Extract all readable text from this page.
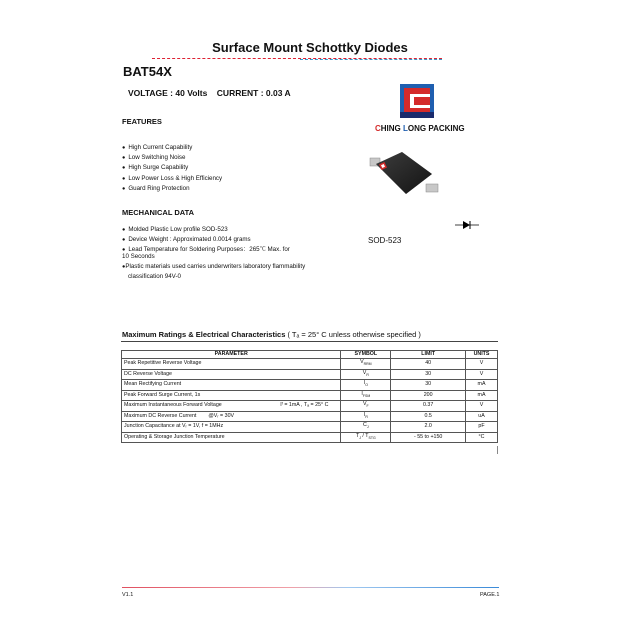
Surface Mount Schottky Diodes
BAT54X
VOLTAGE : 40 Volts    CURRENT : 0.03 A
CHING LONG PACKING
FEATURES
● High Current Capability
● Low Switching Noise
● High Surge Capability
● Low Power Loss & High Efficiency
● Guard Ring Protection
SOD-523
MECHANICAL DATA
● Molded Plastic Low profile SOD-523
● Device Weight : Approximated 0.0014 grams
● Lead Temperature for Soldering Purposes：265℃ Max. for
10 Seconds
●Plastic materials used carries underwriters laboratory flammability
classification 94V-0
Maximum Ratings & Electrical Characteristics ( Tₐ = 25° C unless otherwise specified )
PARAMETER	SYMBOL	LIMIT	UNITS
Peak Repetitive Reverse Voltage	$V_{RRM}$	40	V
DC Reverse Voltage	$V_R$	30	V
Mean Rectifying Current	$I_O$	30	mA
Peak Forward Surge Current, 1s	$I_{FSM}$	200	mA
Maximum Instantaneous Forward Voltage Iᶠ = 1mA , Tₐ = 25° C	$V_F$	0.37	V
Maximum DC Reverse Current @Vᵣ = 30V	$I_R$	0.5	uA
Junction Capacitance at Vᵣ = 1V, f = 1MHz	$C_J$	2.0	pF
Operating & Storage Junction Temperature	$T_J / T_{STG}$	- 55 to +150	°C
V1.1	PAGE.1
